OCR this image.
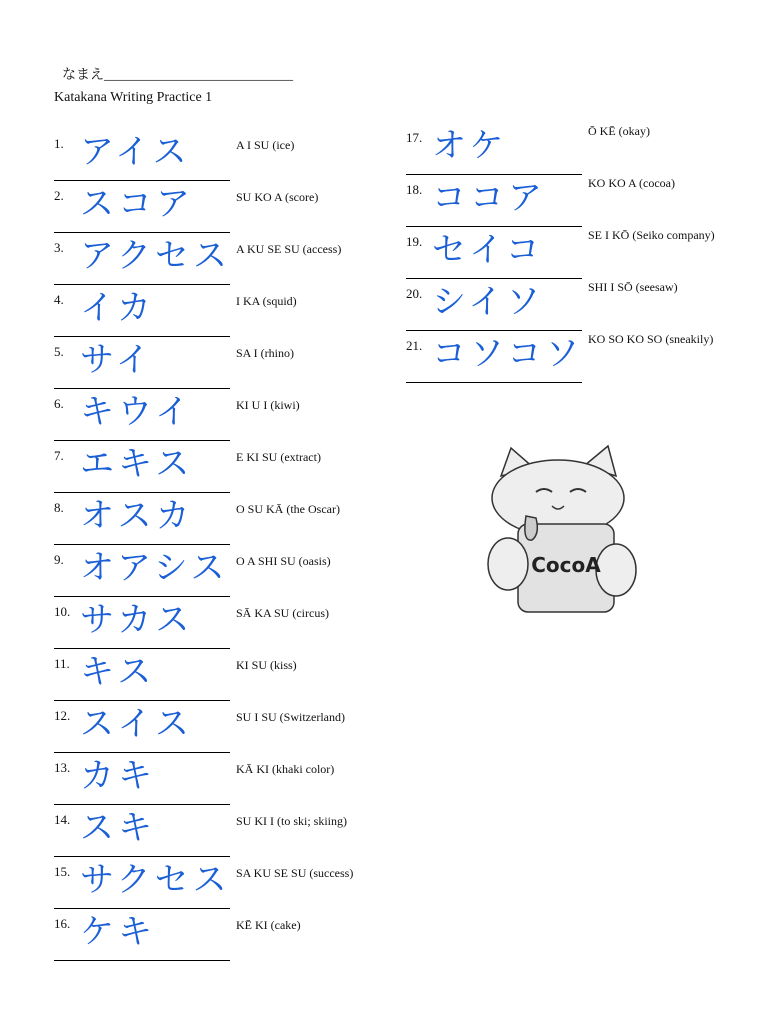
なまえ___________________________
Katakana Writing Practice 1
1. アイス	A I SU (ice)
2. スコア	SU KO A (score)
3. アクセス A KU SE SU (access)
4. イカ	I KA (squid)
5. サイ	SA I (rhino)
6. キウイ	KI U I (kiwi)
7. エキス	E KI SU (extract)
8. オスカ	O SU KĀ (the Oscar)
9. オアシス O A SHI SU (oasis)
10. サカス	SĀ KA SU (circus)
11. キス	KI SU (kiss)
12. スイス	SU I SU (Switzerland)
13. カキ	KĀ KI (khaki color)
14. スキ	SU KI I (to ski; skiing)
15. サクセス SA KU SE SU (success)
16. ケキ	KĒ KI (cake)
17. オケ	Ō KĒ (okay)
18. ココア	KO KO A (cocoa)
19. セイコ	SE I KŌ (Seiko company)
20. シイソ	SHI I SŌ (seesaw)
21. コソコソ KO SO KO SO (sneakily)
CocoA
